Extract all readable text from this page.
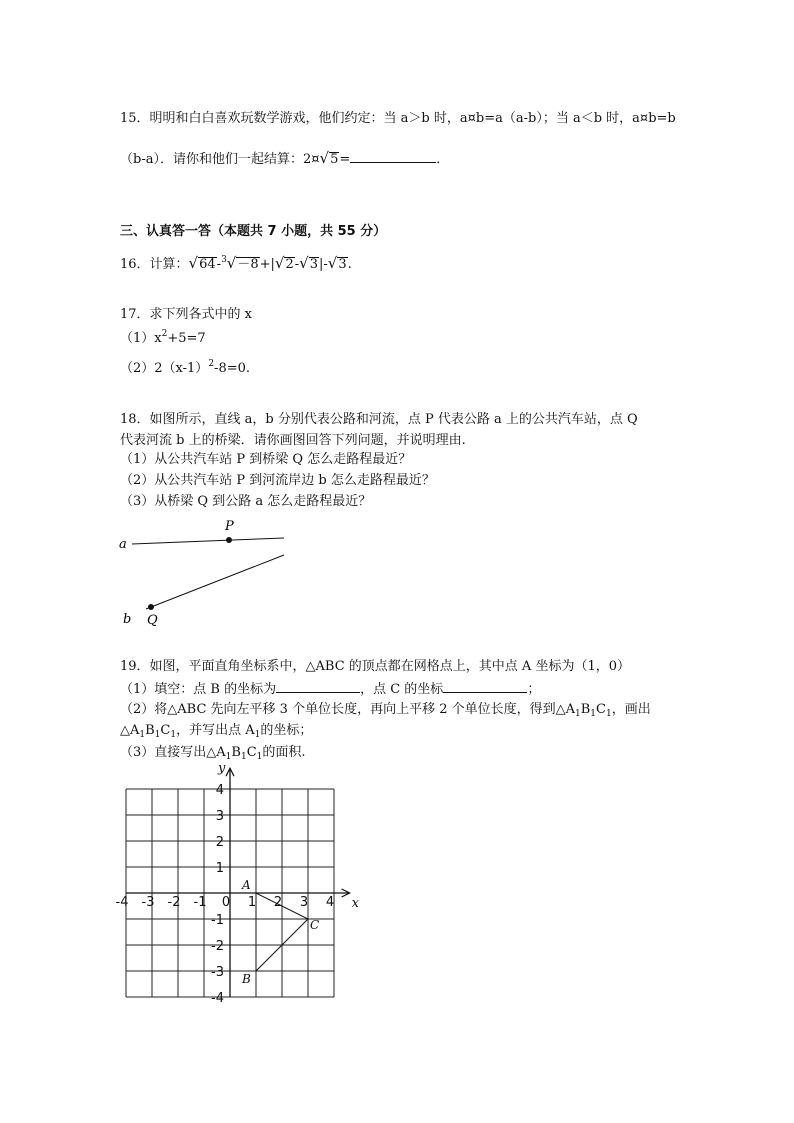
15．明明和白白喜欢玩数学游戏，他们约定：当 a＞b 时，a¤b=a（a-b）；当 a＜b 时，a¤b=b
（b-a）．请你和他们一起结算：2¤√5=	．
三、认真答一答（本题共 7 小题，共 55 分）
16．计算：√64-$^3$√－8+|√2-√3|-√3.
17．求下列各式中的 x
$(1)x^2+5=7$
$(2)2(x-1)^2-8=0$.
18．如图所示，直线 a，b 分别代表公路和河流，点 P 代表公路 a 上的公共汽车站，点 Q
代表河流 b 上的桥梁．请你画图回答下列问题，并说明理由.
（1）从公共汽车站 P 到桥梁 Q 怎么走路程最近？
（2）从公共汽车站 P 到河流岸边 b 怎么走路程最近？
（3）从桥梁 Q 到公路 a 怎么走路程最近？
a
b
P
Q
19．如图，平面直角坐标系中，△ABC 的顶点都在网格点上，其中点 A 坐标为（1，0）
（1）填空：点 B 的坐标为	，点 C 的坐标	；
（2）将△ABC 先向左平移 3 个单位长度，再向上平移 2 个单位长度，得到$\triangle A_1B_1C_1$，画出
$\triangle A_1B_1C_1$，并写出点 $A_1$的坐标；
（3）直接写出$\triangle A_1B_1C_1$的面积.
-4 -3 -2 -1 0 1 2 3 4
4
3
2
1
-1
-2
-3
-4
x
y
A
B
C
